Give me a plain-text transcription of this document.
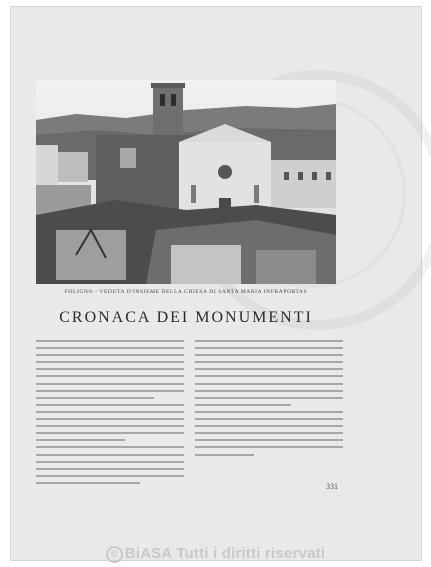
FOLIGNO - VEDUTA D'INSIEME DELLA CHIESA DI SANTA MARIA INFRAPORTAS
CRONACA DEI MONUMENTI
331
© BiASA Tutti i diritti riservati
